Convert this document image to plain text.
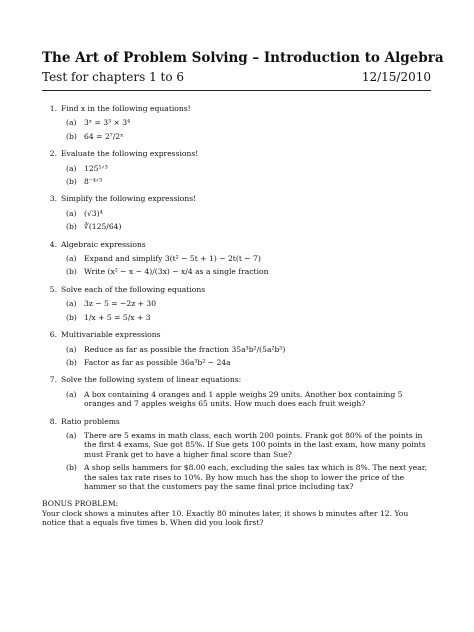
The Art of Problem Solving – Introduction to Algebra
Test for chapters 1 to 6	12/15/2010
1. Find x in the following equations!
(a) 3ˣ = 3³ × 3⁴
(b) 64 = 2⁷/2ˣ
2. Evaluate the following expressions!
(a) 125¹ᐟ³
(b) 8⁻⁴ᐟ³
3. Simplify the following expressions!
(a) (√3)⁴
(b) ∛(125/64)
4. Algebraic expressions
(a) Expand and simplify 3(t² − 5t + 1) − 2t(t − 7)
(b) Write (x² − x − 4)/(3x) − x/4 as a single fraction
5. Solve each of the following equations
(a) 3z − 5 = −2z + 30
(b) 1/x + 5 = 5/x + 3
6. Multivariable expressions
(a) Reduce as far as possible the fraction 35a³b²/(5a²b⁵)
(b) Factor as far as possible 36a³b² − 24a
7. Solve the following system of linear equations:
(a) A box containing 4 oranges and 1 apple weighs 29 units. Another box containing 5 oranges and 7 apples weighs 65 units. How much does each fruit weigh?
8. Ratio problems
(a) There are 5 exams in math class, each worth 200 points. Frank got 80% of the points in the first 4 exams, Sue got 85%. If Sue gets 100 points in the last exam, how many points must Frank get to have a higher final score than Sue?
(b) A shop sells hammers for $8.00 each, excluding the sales tax which is 8%. The next year, the sales tax rate rises to 10%. By how much has the shop to lower the price of the hammer so that the customers pay the same final price including tax?
BONUS PROBLEM:
Your clock shows a minutes after 10. Exactly 80 minutes later, it shows b minutes after 12. You notice that a equals five times b. When did you look first?
